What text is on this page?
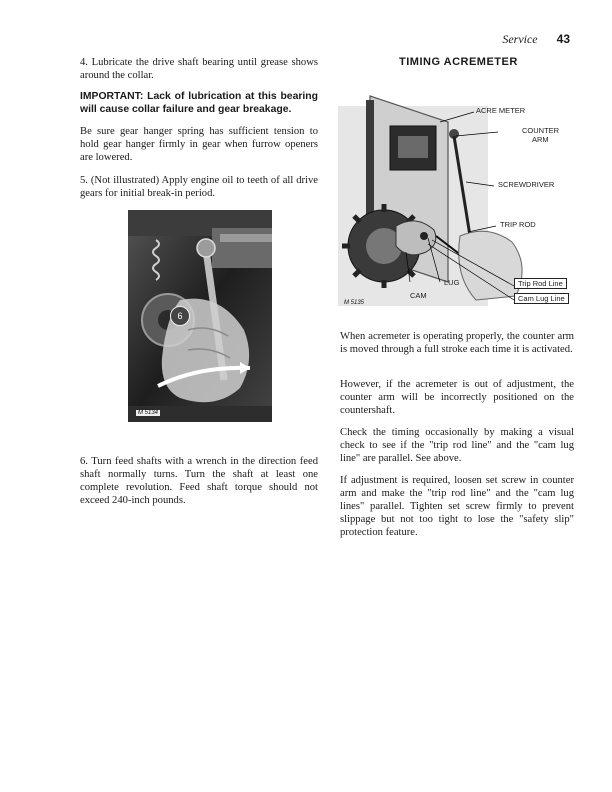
Service 43

4. Lubricate the drive shaft bearing until grease shows around the collar.

IMPORTANT: Lack of lubrication at this bearing will cause collar failure and gear breakage.

Be sure gear hanger spring has sufficient tension to hold gear hanger firmly in gear when furrow openers are lowered.

5. (Not illustrated) Apply engine oil to teeth of all drive gears for initial break-in period.

6
M 5134

6. Turn feed shafts with a wrench in the direction feed shaft normally turns. Turn the shaft at least one complete revolution. Feed shaft torque should not exceed 240-inch pounds.

TIMING ACREMETER
ACRE METER
COUNTER
ARM
SCREWDRIVER
TRIP ROD
LUG
CAM
Trip Rod Line
Cam Lug Line
M 5135

When acremeter is operating properly, the counter arm is moved through a full stroke each time it is activated.

However, if the acremeter is out of adjustment, the counter arm will be incorrectly positioned on the countershaft.

Check the timing occasionally by making a visual check to see if the "trip rod line" and the "cam lug line" are parallel. See above.

If adjustment is required, loosen set screw in counter arm and make the "trip rod line" and the "cam lug lines" parallel. Tighten set screw firmly to prevent slippage but not too tight to lose the "safety slip" protection feature.
